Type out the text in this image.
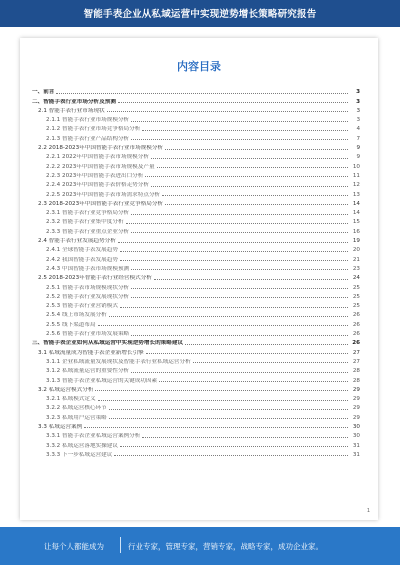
智能手表企业从私域运营中实现逆势增长策略研究报告
内容目录
一、前言	3
二、智能手表行业市场分析及预测	3
2.1 智能手表行业市场现状	3
2.1.1 智能手表行业市场规模分析	3
2.1.2 智能手表行业市场竞争格局分析	4
2.1.3 智能手表行业产品结构分析	7
2.2 2018-2023年中国智能手表行业市场规模分析	9
2.2.1 2022年中国智能手表市场规模分析	9
2.2.2 2023年中国智能手表市场规模及产量	10
2.2.3 2023年中国智能手表进出口分析	11
2.2.4 2023年中国智能手表价格走势分析	12
2.2.5 2023年中国智能手表市场需求特点分析	13
2.3 2018-2023年中国智能手表行业竞争格局分析	14
2.3.1 智能手表行业竞争格局分析	14
2.3.2 智能手表行业集中度分析	15
2.3.3 智能手表行业重点企业分析	16
2.4 智能手表行业发展趋势分析	19
2.4.1 全球智能手表发展趋势	20
2.4.2 我国智能手表发展趋势	21
2.4.3 中国智能手表市场规模预测	23
2.5 2018-2023年智能手表行业经营模式分析	24
2.5.1 智能手表市场规模现状分析	25
2.5.2 智能手表行业发展现状分析	25
2.5.3 智能手表行业营销模式	25
2.5.4 线上市场发展分析	26
2.5.5 线下渠道布局	26
2.5.6 智能手表行业市场发展策略	26
三、智能手表企业如何从私域运营中实现逆势增长的策略建议	26
3.1 私域流量成为智能手表企业新增长引擎	27
3.1.1 企业私域流量发展现状及智能手表行业私域运营分析	27
3.1.2 私域流量运营的重要性分析	28
3.1.3 智能手表企业私域运营的关键成功因素	28
3.2 私域运营模式分析	29
3.2.1 私域模式定义	29
3.2.2 私域运营核心环节	29
3.2.3 私域用户运营策略	29
3.3 私域运营案例	30
3.3.1 智能手表企业私域运营案例分析	30
3.3.2 私域运营落地实操建议	31
3.3.3 下一步私域运营建议	31
1
让每个人都能成为	行业专家，管理专家，营销专家，战略专家，成功企业家。
